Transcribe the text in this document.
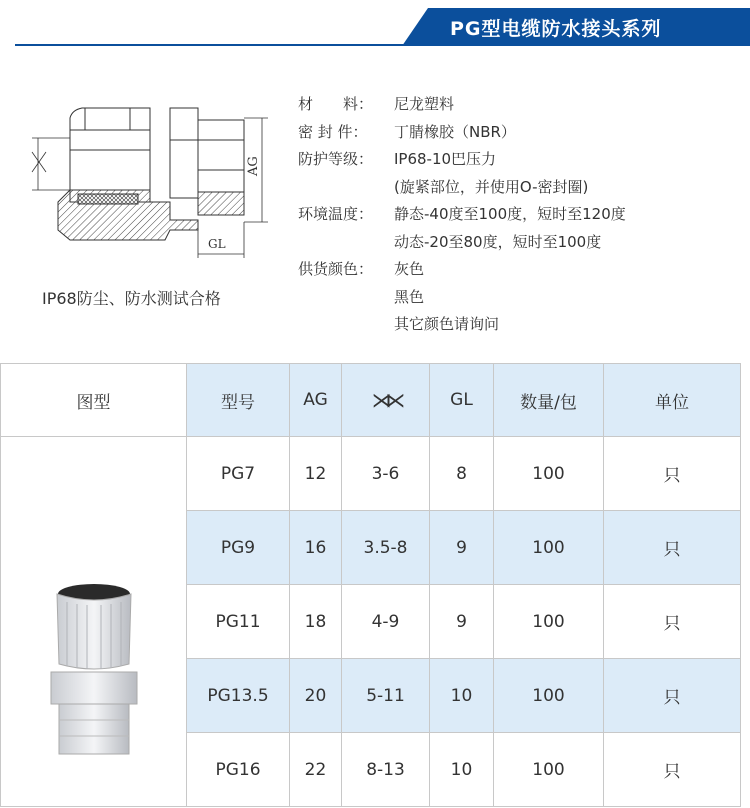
PG型电缆防水接头系列
AG
GL
IP68防尘、防水测试合格
材　　料：	尼龙塑料
密 封 件：	丁腈橡胶（NBR）
防护等级：	IP68-10巴压力
(旋紧部位，并使用O-密封圈)
环境温度：	静态-40度至100度，短时至120度
动态-20至80度，短时至100度
供货颜色：	灰色
黑色
其它颜色请询问
图型	型号	AG	⋊⋉	GL	数量/包	单位
	PG7	12	3-6	8	100	只
	PG9	16	3.5-8	9	100	只
	PG11	18	4-9	9	100	只
	PG13.5	20	5-11	10	100	只
	PG16	22	8-13	10	100	只
